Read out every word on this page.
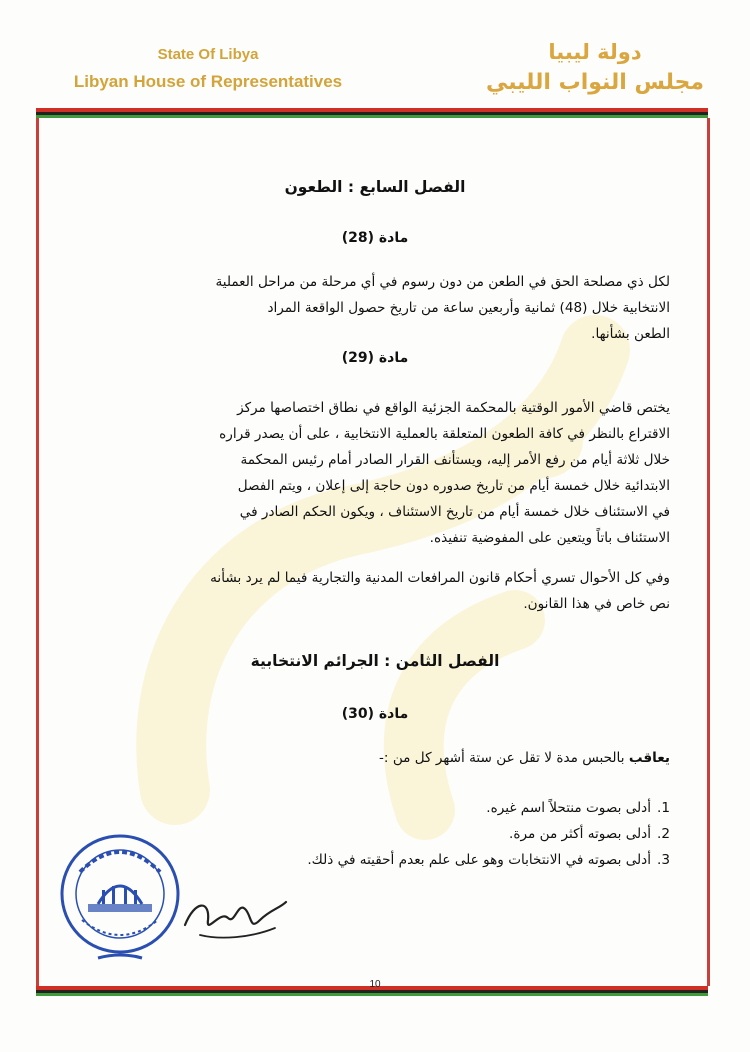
State Of Libya
Libyan House of Representatives
دولة ليبيا
مجلس النواب الليبي
الفصل السابع : الطعون
مادة (28)
لكل ذي مصلحة الحق في الطعن من دون رسوم في أي مرحلة من مراحل العملية
الانتخابية خلال (48) ثمانية وأربعين ساعة من تاريخ حصول الواقعة المراد
الطعن بشأنها.
مادة (29)
يختص قاضي الأمور الوقتية بالمحكمة الجزئية الواقع في نطاق اختصاصها مركز
الاقتراع بالنظر في كافة الطعون المتعلقة بالعملية الانتخابية ، على أن يصدر قراره
خلال ثلاثة أيام من رفع الأمر إليه، ويستأنف القرار الصادر أمام رئيس المحكمة
الابتدائية خلال خمسة أيام من تاريخ صدوره دون حاجة إلى إعلان ، ويتم الفصل
في الاستئناف خلال خمسة أيام من تاريخ الاستئناف ، ويكون الحكم الصادر في
الاستئناف باتاً ويتعين على المفوضية تنفيذه.
وفي كل الأحوال تسري أحكام قانون المرافعات المدنية والتجارية فيما لم يرد بشأنه
نص خاص في هذا القانون.
الفصل الثامن : الجرائم الانتخابية
مادة (30)
يعاقب بالحبس مدة لا تقل عن ستة أشهر كل من :-
1.أدلى بصوت منتحلاً اسم غيره.
2.أدلى بصوته أكثر من مرة.
3.أدلى بصوته في الانتخابات وهو على علم بعدم أحقيته في ذلك.
10
